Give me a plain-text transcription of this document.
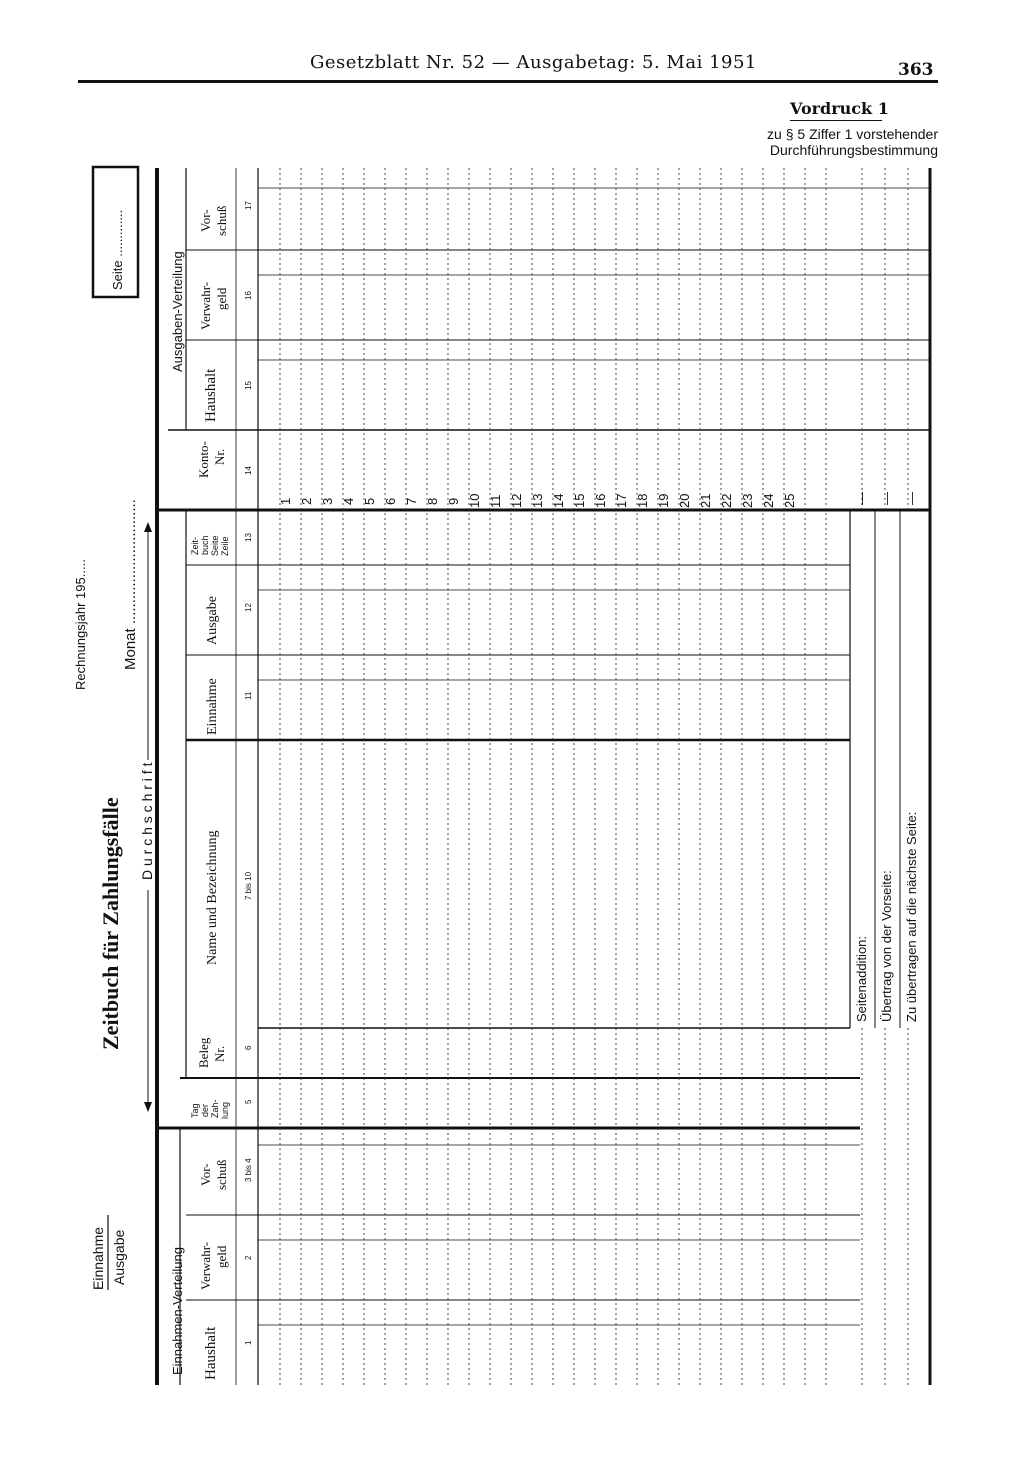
Gesetzblatt Nr. 52 — Ausgabetag: 5. Mai 1951	363
Vordruck 1
zu § 5 Ziffer 1 vorstehender
Durchführungsbestimmung
Zeitbuch für Zahlungsfälle
Rechnungsjahr 195..... Monat ..............................
D u r c h s c h r i f t
Seite .............
Einnahme Ausgabe	Einnahmen-Verteilung
Ausgaben-Verteilung
Haushalt
Verwahr- geld
Vor- schuß
Tag der Zah- lung
Beleg Nr.
Name und Bezeichnung
Einnahme
Ausgabe
Zeit- buch Seite Zeile
Konto- Nr.
Haushalt
Verwahr- geld
Vor- schuß
1
2
3 bis 4
5
6
7 bis 10
11
12
13
14
15
16
17
1 2 3 4 5 6 7 8 9 10 11 12 13 14 15 16 17 18 19 20 21 22 23 24 25
Seitenaddition: Übertrag von der Vorseite: Zu übertragen auf die nächste Seite:
— — —
